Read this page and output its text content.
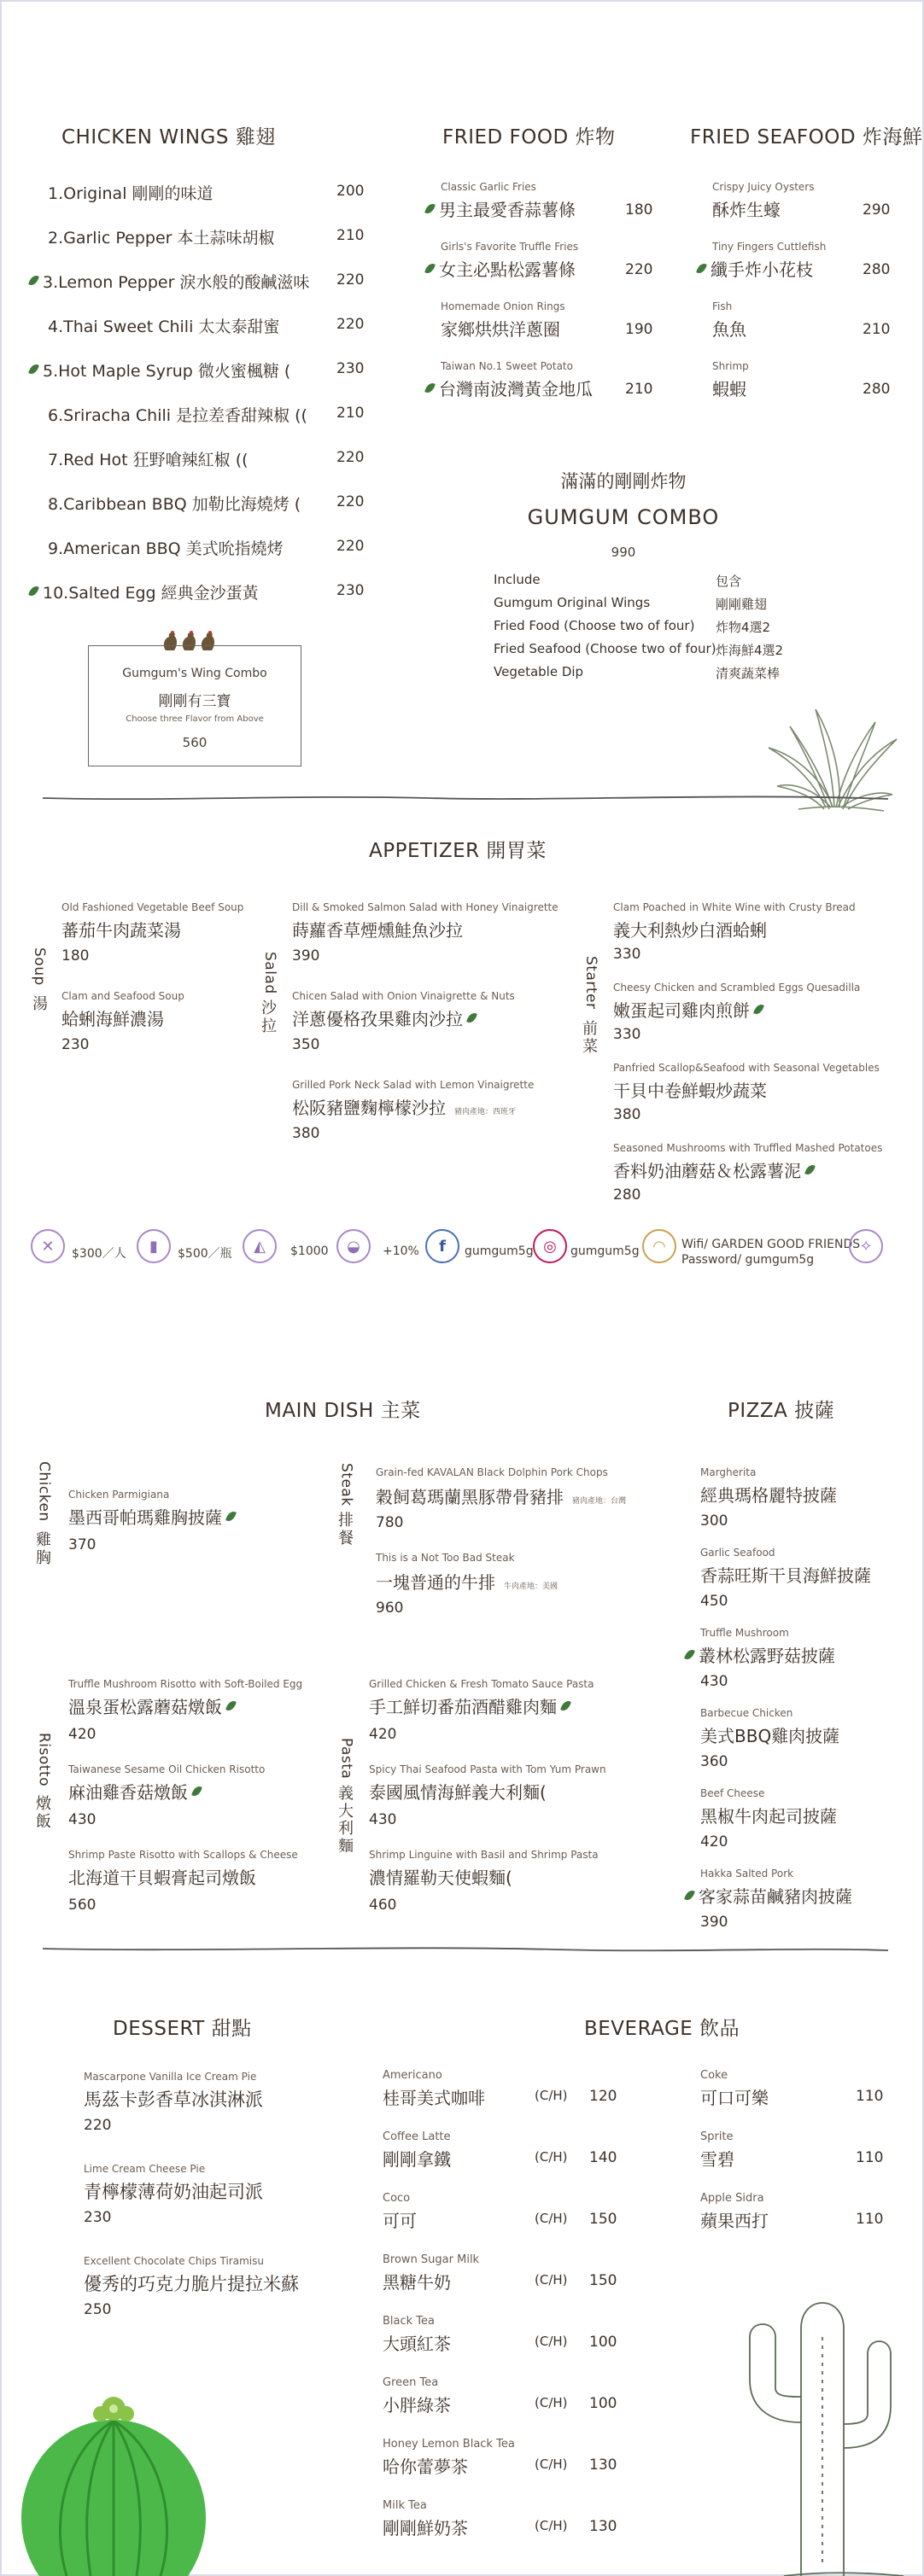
CHICKEN WINGS 雞翅
1.Original 剛剛的味道	200
2.Garlic Pepper 本土蒜味胡椒	210
3.Lemon Pepper 淚水般的酸鹹滋味 220
4.Thai Sweet Chili 太太泰甜蜜	220
5.Hot Maple Syrup 微火蜜楓糖 (	230
6.Sriracha Chili 是拉差香甜辣椒 (( 210
7.Red Hot 狂野嗆辣紅椒 ((	220
8.Caribbean BBQ 加勒比海燒烤 ( 220
9.American BBQ 美式吮指燒烤	220
10.Salted Egg 經典金沙蛋黃	230
Gumgum's Wing Combo
剛剛有三寶
Choose three Flavor from Above
560
FRIED FOOD 炸物
Classic Garlic Fries
男主最愛香蒜薯條	180
Girls's Favorite Truffle Fries
女主必點松露薯條	220
Homemade Onion Rings
家鄉烘烘洋蔥圈	190
Taiwan No.1 Sweet Potato
台灣南波灣黃金地瓜 210
FRIED SEAFOOD 炸海鮮
Crispy Juicy Oysters
酥炸生蠔	290
Tiny Fingers Cuttlefish
纖手炸小花枝	280
Fish
魚魚	210
Shrimp
蝦蝦	280
滿滿的剛剛炸物
GUMGUM COMBO
990
Include	包含
Gumgum Original Wings	剛剛雞翅
Fried Food (Choose two of four) 炸物4選2
Fried Seafood (Choose two of four) 炸海鮮4選2
Vegetable Dip	清爽蔬菜棒
APPETIZER 開胃菜
Soup

湯
Salad
沙拉
Starter
前菜
Old Fashioned Vegetable Beef Soup
蕃茄牛肉蔬菜湯
180
Clam and Seafood Soup
蛤蜊海鮮濃湯
230
Dill & Smoked Salmon Salad with Honey Vinaigrette
蒔蘿香草煙燻鮭魚沙拉
390
Chicen Salad with Onion Vinaigrette & Nuts
洋蔥優格孜果雞肉沙拉
350
Grilled Pork Neck Salad with Lemon Vinaigrette
松阪豬鹽麴檸檬沙拉 豬肉產地：西班牙
380
Clam Poached in White Wine with Crusty Bread
義大利熱炒白酒蛤蜊
330
Cheesy Chicken and Scrambled Eggs Quesadilla
嫩蛋起司雞肉煎餅
330
Panfried Scallop&Seafood with Seasonal Vegetables
干貝中卷鮮蝦炒蔬菜
380
Seasoned Mushrooms with Truffled Mashed Potatoes
香料奶油蘑菇＆松露薯泥
280
✕	$300／人	▮	$500／瓶	◭	$1000	◒	+10%	f	gumgum5g ◎	gumgum5g ◠	Wifi/ GARDEN GOOD FRIENDS ✧
Password/ gumgum5g
MAIN DISH 主菜	PIZZA 披薩
Chicken
雞胸
Steak
排餐
Risotto
燉飯
Pasta
義大利麵
Chicken Parmigiana
墨西哥帕瑪雞胸披薩
370
Grain-fed KAVALAN Black Dolphin Pork Chops
穀飼葛瑪蘭黑豚帶骨豬排 豬肉產地：台灣
780
This is a Not Too Bad Steak
一塊普通的牛排 牛肉產地：美國
960
Truffle Mushroom Risotto with Soft-Boiled Egg
溫泉蛋松露蘑菇燉飯
420
Taiwanese Sesame Oil Chicken Risotto
麻油雞香菇燉飯
430
Shrimp Paste Risotto with Scallops & Cheese
北海道干貝蝦膏起司燉飯
560
Grilled Chicken & Fresh Tomato Sauce Pasta
手工鮮切番茄酒醋雞肉麵
420
Spicy Thai Seafood Pasta with Tom Yum Prawn
泰國風情海鮮義大利麵(
430
Shrimp Linguine with Basil and Shrimp Pasta
濃情羅勒天使蝦麵(
460
Margherita
經典瑪格麗特披薩
300
Garlic Seafood
香蒜旺斯干貝海鮮披薩
450
Truffle Mushroom
叢林松露野菇披薩
430
Barbecue Chicken
美式BBQ雞肉披薩
360
Beef Cheese
黑椒牛肉起司披薩
420
Hakka Salted Pork
客家蒜苗鹹豬肉披薩
390
DESSERT 甜點
Mascarpone Vanilla Ice Cream Pie
馬茲卡彭香草冰淇淋派
220
Lime Cream Cheese Pie
青檸檬薄荷奶油起司派
230
Excellent Chocolate Chips Tiramisu
優秀的巧克力脆片提拉米蘇
250
BEVERAGE 飲品
Americano
桂哥美式咖啡	(C/H) 120
Coffee Latte
剛剛拿鐵	(C/H) 140
Coco
可可	(C/H) 150
Brown Sugar Milk
黑糖牛奶	(C/H) 150
Black Tea
大頭紅茶	(C/H) 100
Green Tea
小胖綠茶	(C/H) 100
Honey Lemon Black Tea
哈你蕾夢茶	(C/H) 130
Milk Tea
剛剛鮮奶茶	(C/H) 130
Coke
可口可樂	110
Sprite
雪碧	110
Apple Sidra
蘋果西打	110
